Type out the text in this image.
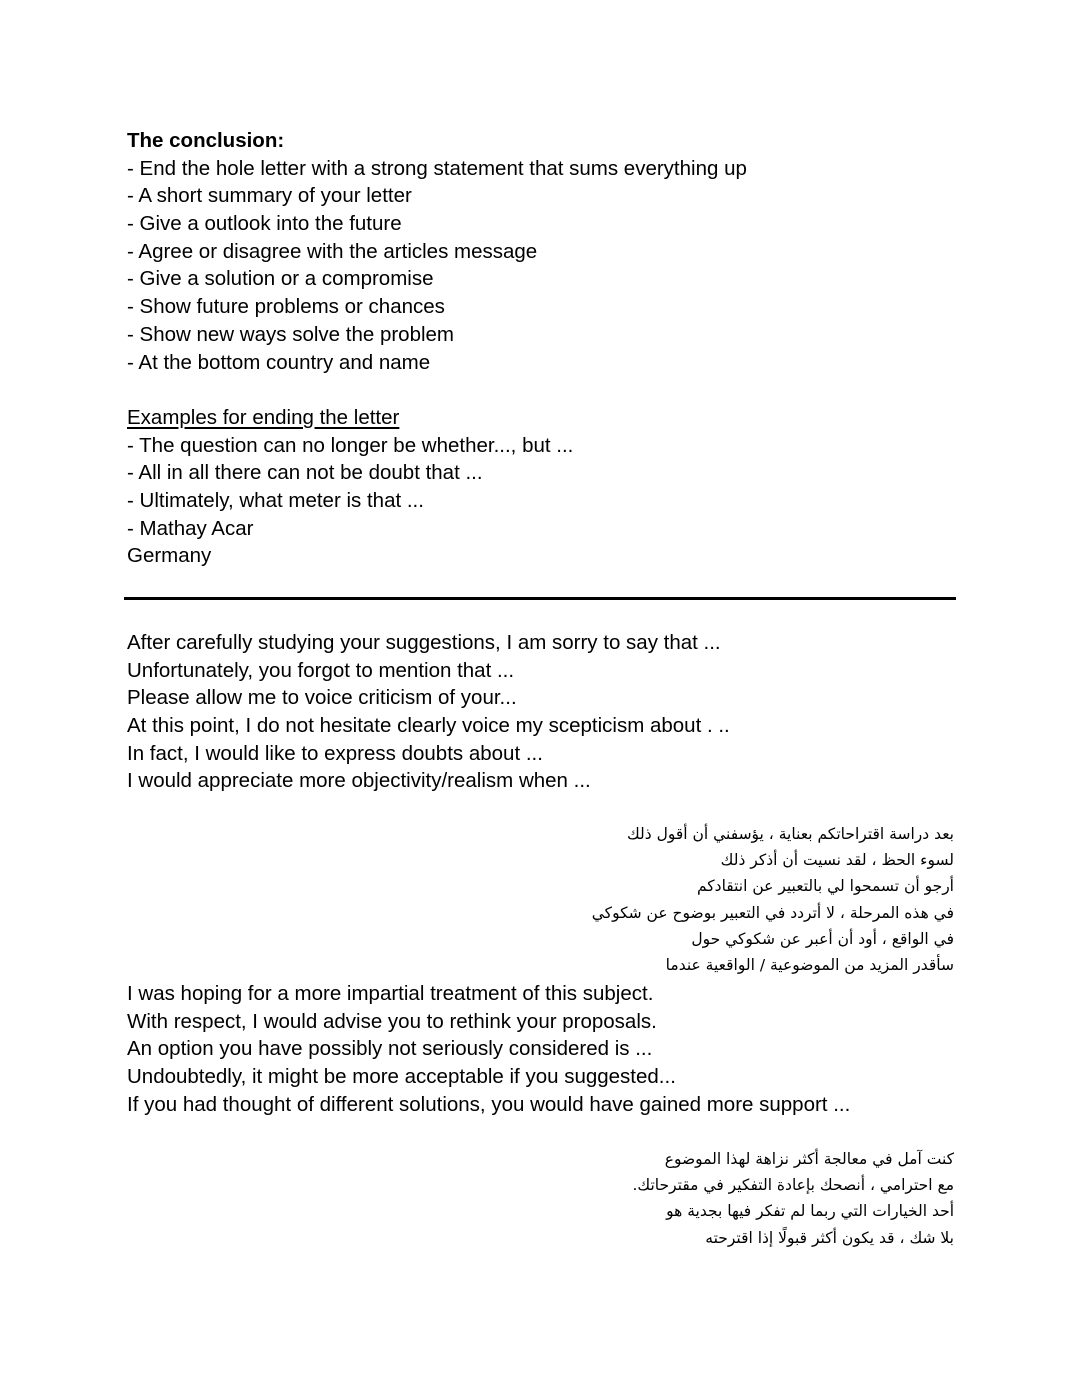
The conclusion:
- End the hole letter with a strong statement that sums everything up
- A short summary of your letter
- Give a outlook into the future
- Agree or disagree with the articles message
- Give a solution or a compromise
- Show future problems or chances
- Show new ways solve the problem
- At the bottom country and name
Examples for ending the letter
- The question can no longer be whether..., but ...
- All in all there can not be doubt that ...
- Ultimately, what meter is that ...
- Mathay Acar
Germany
After carefully studying your suggestions, I am sorry to say that ...
Unfortunately, you forgot to mention that ...
Please allow me to voice criticism of your...
At this point, I do not hesitate clearly voice my scepticism about . ..
In fact, I would like to express doubts about ...
I would appreciate more objectivity/realism when ...
بعد دراسة اقتراحاتكم بعناية ، يؤسفني أن أقول ذلك
لسوء الحظ ، لقد نسيت أن أذكر ذلك
أرجو أن تسمحوا لي بالتعبير عن انتقادكم
في هذه المرحلة ، لا أتردد في التعبير بوضوح عن شكوكي
في الواقع ، أود أن أعبر عن شكوكي حول
سأقدر المزيد من الموضوعية / الواقعية عندما
I was hoping for a more impartial treatment of this subject.
With respect, I would advise you to rethink your proposals.
An option you have possibly not seriously considered is ...
Undoubtedly, it might be more acceptable if you suggested...
If you had thought of different solutions, you would have gained more support ...
كنت آمل في معالجة أكثر نزاهة لهذا الموضوع
مع احترامي ، أنصحك بإعادة التفكير في مقترحاتك.
أحد الخيارات التي ربما لم تفكر فيها بجدية هو
بلا شك ، قد يكون أكثر قبولًا إذا اقترحته
